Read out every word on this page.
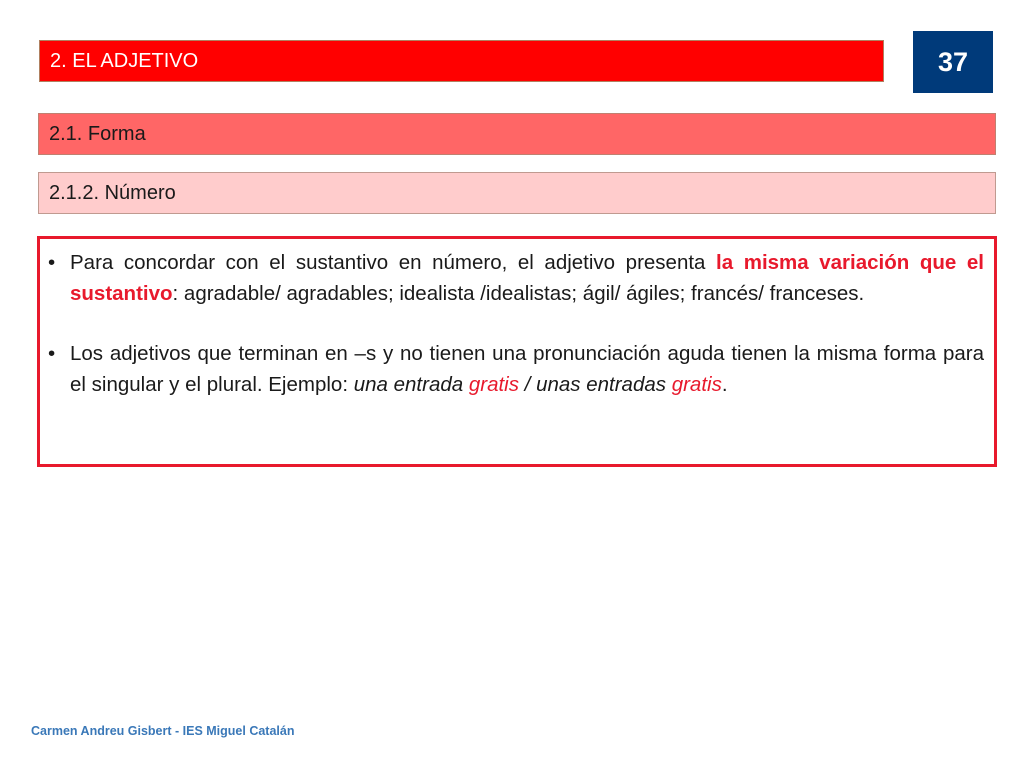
2. EL ADJETIVO	37
2.1. Forma
2.1.2. Número
• Para concordar con el sustantivo en número, el adjetivo presenta la misma variación que el sustantivo: agradable/ agradables; idealista /idealistas; ágil/ ágiles; francés/ franceses.
• Los adjetivos que terminan en –s y no tienen una pronunciación aguda tienen la misma forma para el singular y el plural. Ejemplo: una entrada gratis / unas entradas gratis.
Carmen Andreu Gisbert - IES Miguel Catalán
